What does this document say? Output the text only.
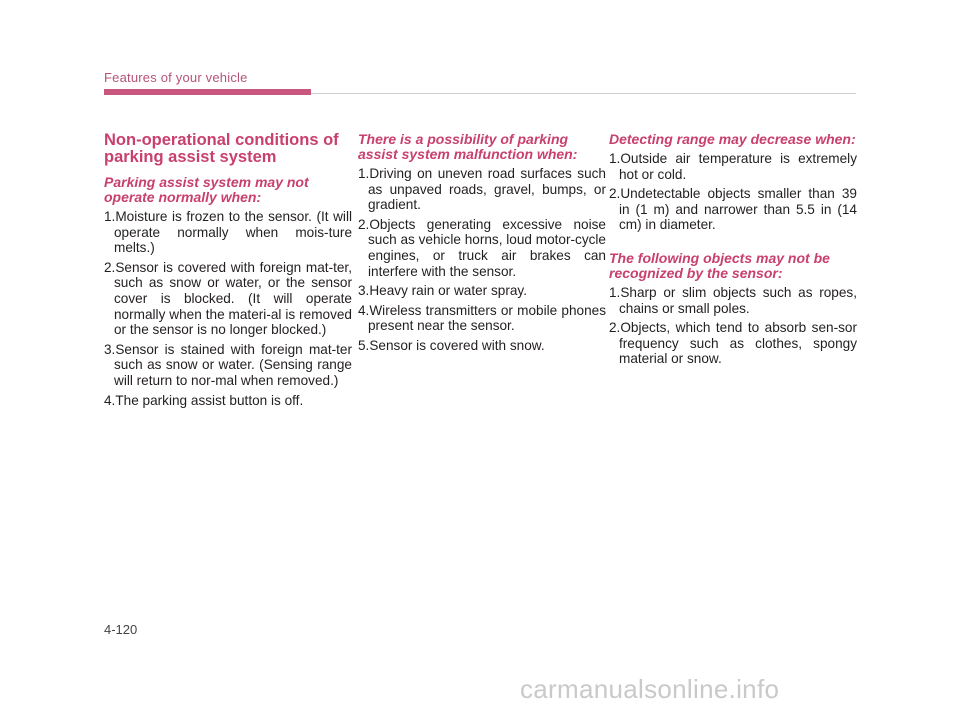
Features of your vehicle
Non-operational conditions of parking assist system
Parking assist system may not operate normally when:
1.Moisture is frozen to the sensor. (It will operate normally when mois-ture melts.)
2.Sensor is covered with foreign mat-ter, such as snow or water, or the sensor cover is blocked. (It will operate normally when the materi-al is removed or the sensor is no longer blocked.)
3.Sensor is stained with foreign mat-ter such as snow or water. (Sensing range will return to nor-mal when removed.)
4.The parking assist button is off.
There is a possibility of parking assist system malfunction when:
1.Driving on uneven road surfaces such as unpaved roads, gravel, bumps, or gradient.
2.Objects generating excessive noise such as vehicle horns, loud motor-cycle engines, or truck air brakes can interfere with the sensor.
3.Heavy rain or water spray.
4.Wireless transmitters or mobile phones present near the sensor.
5.Sensor is covered with snow.
Detecting range may decrease when:
1.Outside air temperature is extremely hot or cold.
2.Undetectable objects smaller than 39 in (1 m) and narrower than 5.5 in (14 cm) in diameter.
The following objects may not be recognized by the sensor:
1.Sharp or slim objects such as ropes, chains or small poles.
2.Objects, which tend to absorb sen-sor frequency such as clothes, spongy material or snow.
4-120
carmanualsonline.info
